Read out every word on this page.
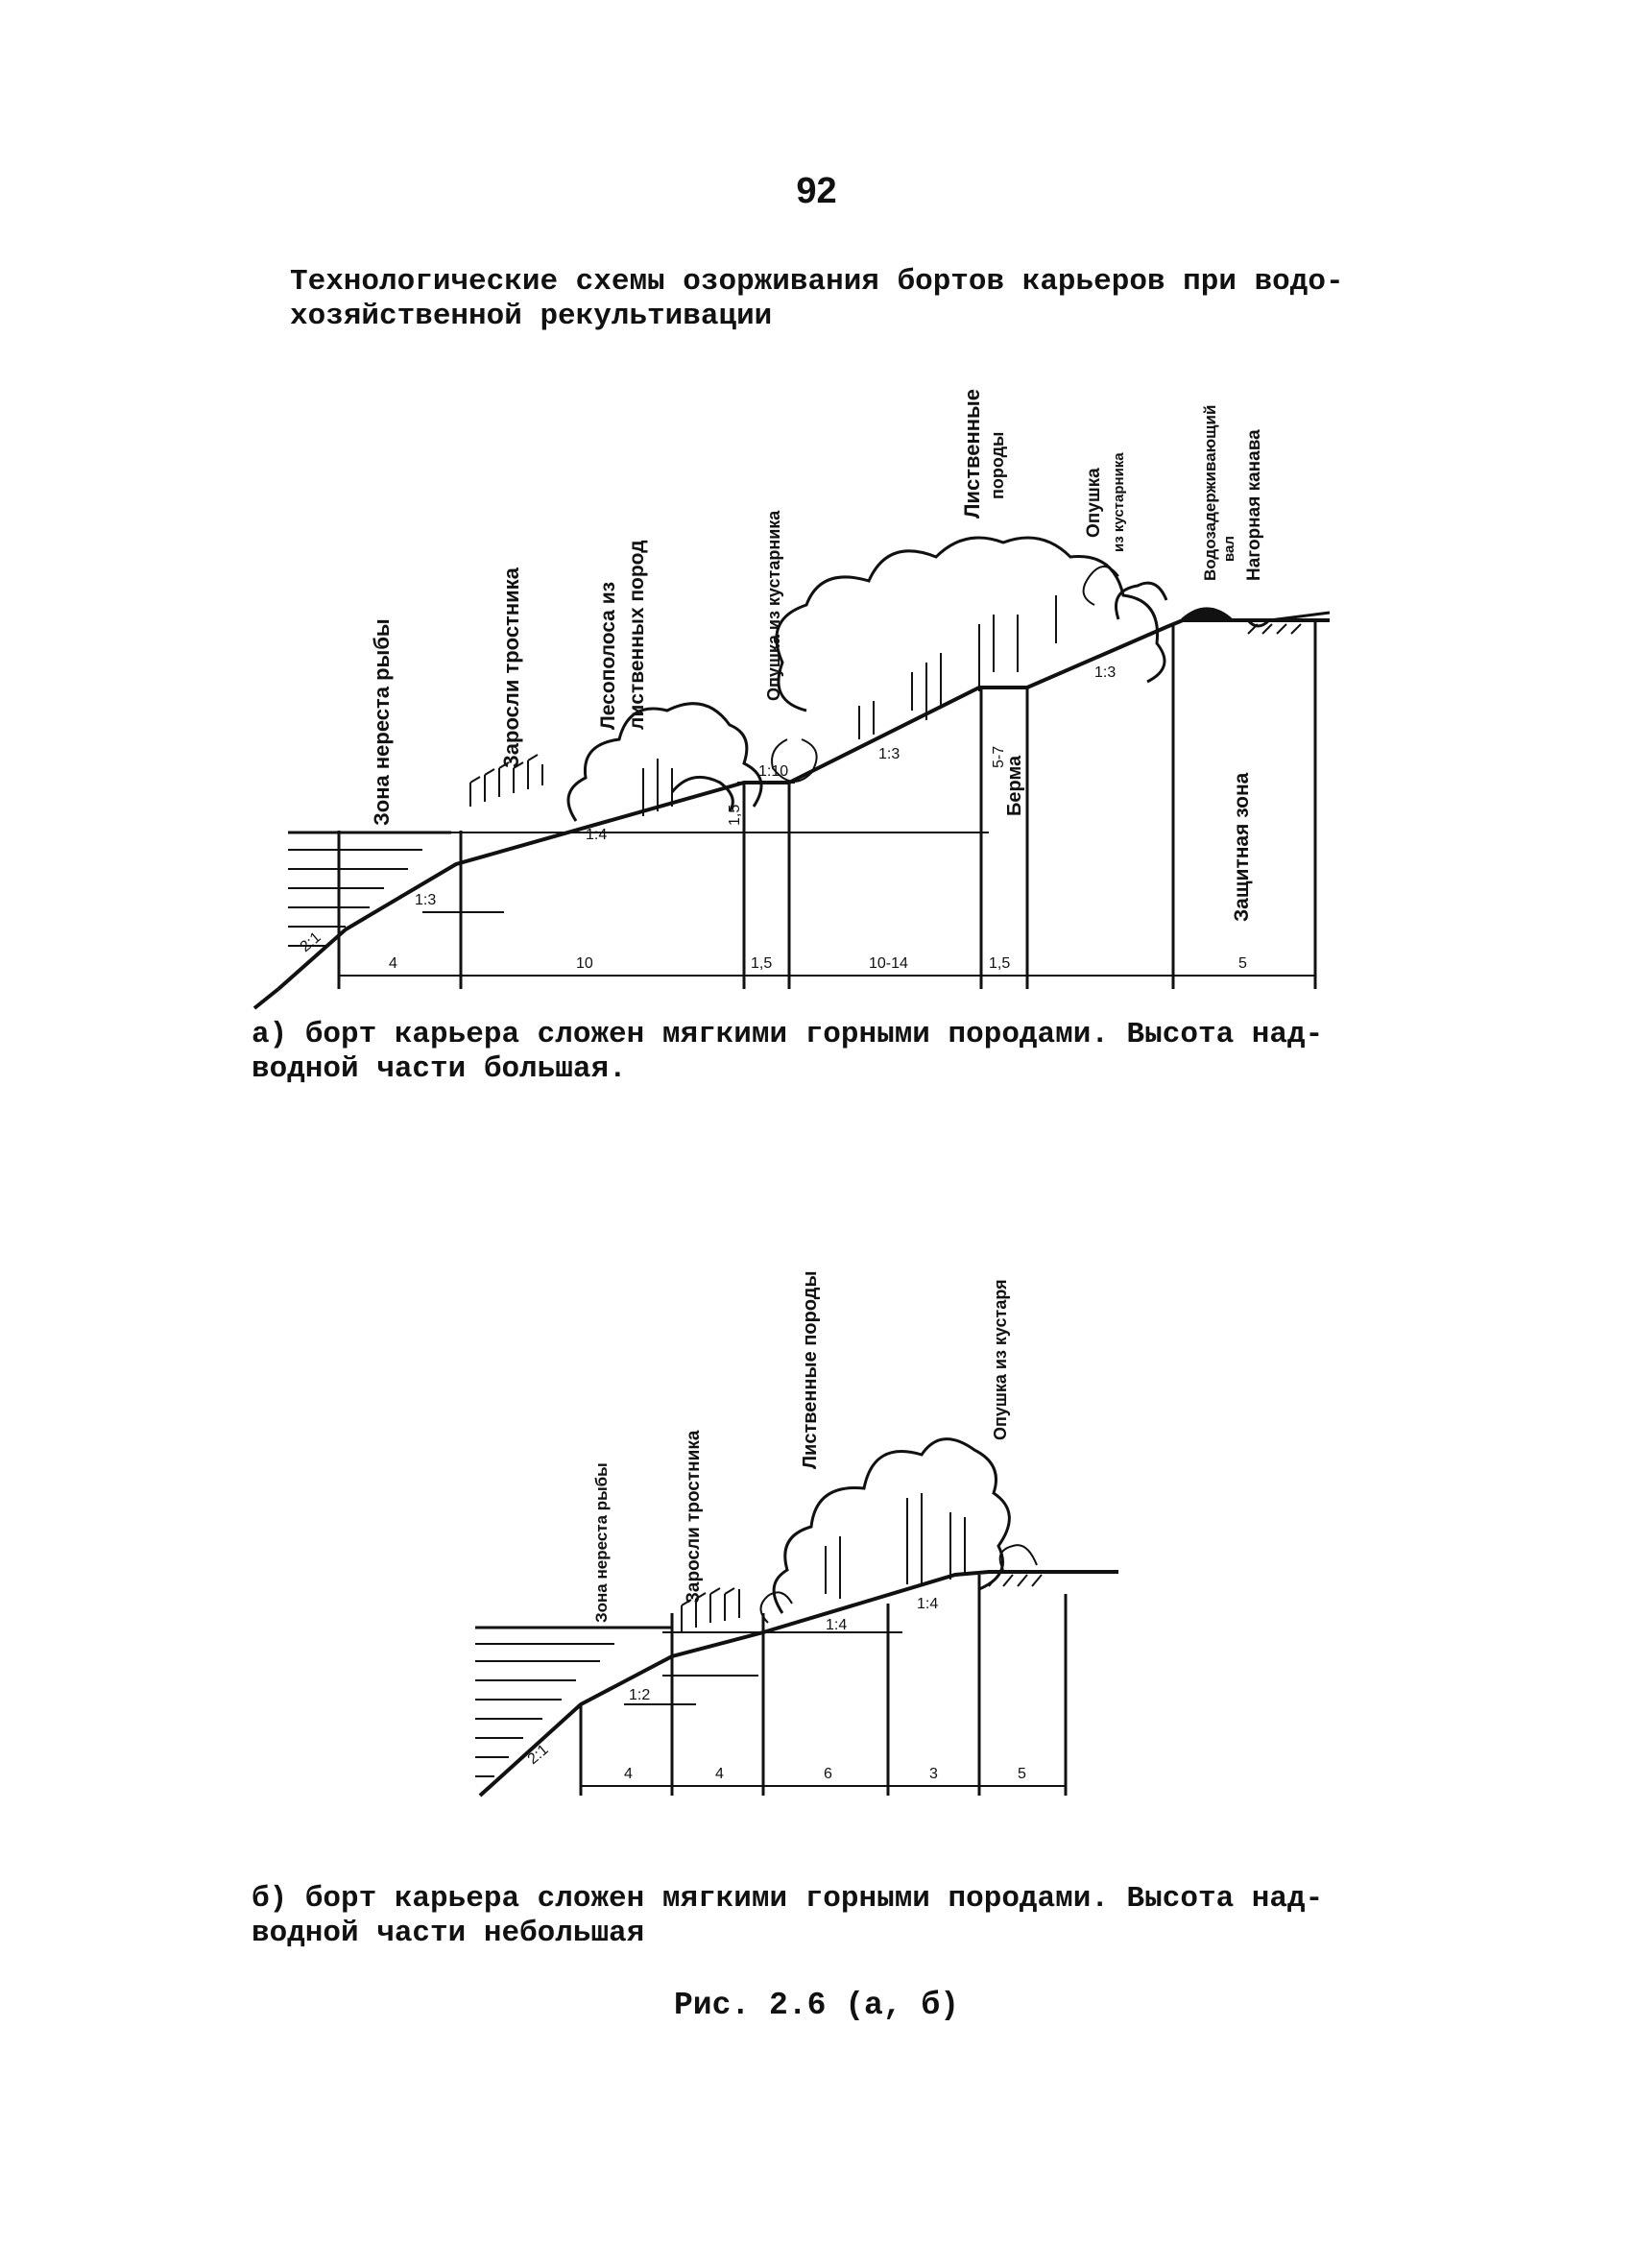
92
Технологические схемы озорживания бортов карьеров при водо-хозяйственной рекультивации
Зона нереста рыбы	Заросли тростника	Лесополоса из лиственных пород	Опушка из кустарника
Лиственные породы
Опушка из кустарника	Водозадерживающий вал Нагорная канава
Берма	Защитная зона
2:1
1:3
1:4
1:10
1:3
1:3
1,5
5-7
4	10	1,5	10-14	1,5	5
Зона нереста рыбы	Заросли тростника
Лиственные породы	Опушка из кустаря
2:1
1:2
1:4
1:4
4	4	6	3	5
а) борт карьера сложен мягкими горными породами. Высота над-водной части большая.
б) борт карьера сложен мягкими горными породами. Высота над-водной части небольшая
Рис. 2.6 (а, б)
